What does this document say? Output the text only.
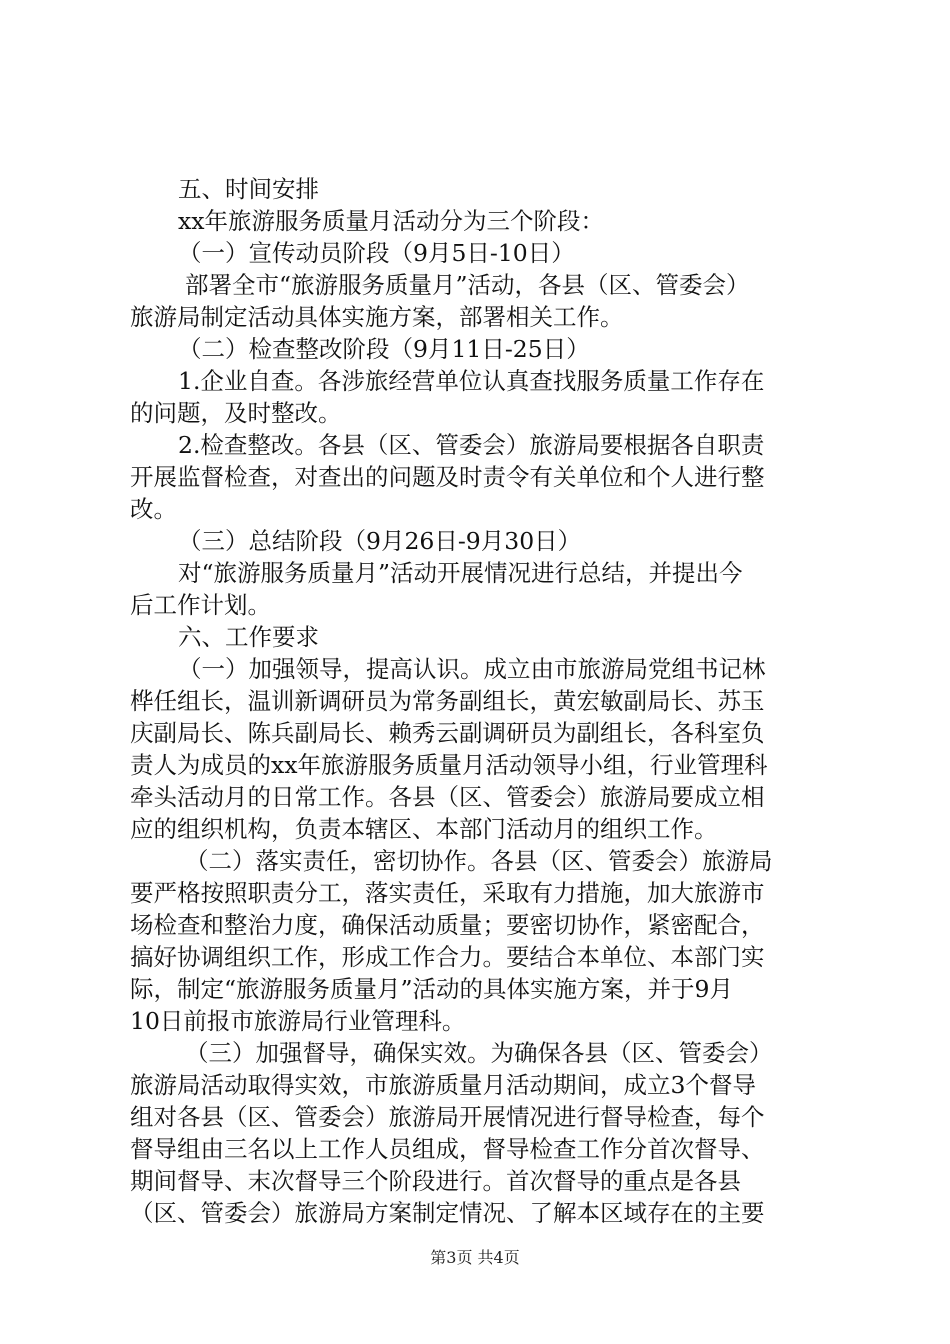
五、时间安排

xx年旅游服务质量月活动分为三个阶段：

（一）宣传动员阶段（9月5日-10日）

部署全市“旅游服务质量月”活动，各县（区、管委会）

旅游局制定活动具体实施方案，部署相关工作。

（二）检查整改阶段（9月11日-25日）

1.企业自查。各涉旅经营单位认真查找服务质量工作存在

的问题，及时整改。

2.检查整改。各县（区、管委会）旅游局要根据各自职责

开展监督检查，对查出的问题及时责令有关单位和个人进行整

改。

（三）总结阶段（9月26日-9月30日）

对“旅游服务质量月”活动开展情况进行总结，并提出今

后工作计划。

六、工作要求

（一）加强领导，提高认识。成立由市旅游局党组书记林

桦任组长，温训新调研员为常务副组长，黄宏敏副局长、苏玉

庆副局长、陈兵副局长、赖秀云副调研员为副组长，各科室负

责人为成员的xx年旅游服务质量月活动领导小组，行业管理科

牵头活动月的日常工作。各县（区、管委会）旅游局要成立相

应的组织机构，负责本辖区、本部门活动月的组织工作。

（二）落实责任，密切协作。各县（区、管委会）旅游局

要严格按照职责分工，落实责任，采取有力措施，加大旅游市

场检查和整治力度，确保活动质量；要密切协作，紧密配合，

搞好协调组织工作，形成工作合力。要结合本单位、本部门实

际，制定“旅游服务质量月”活动的具体实施方案，并于9月

10日前报市旅游局行业管理科。

（三）加强督导，确保实效。为确保各县（区、管委会）

旅游局活动取得实效，市旅游质量月活动期间，成立3个督导

组对各县（区、管委会）旅游局开展情况进行督导检查，每个

督导组由三名以上工作人员组成，督导检查工作分首次督导、

期间督导、末次督导三个阶段进行。首次督导的重点是各县

（区、管委会）旅游局方案制定情况、了解本区域存在的主要

第3页 共4页
